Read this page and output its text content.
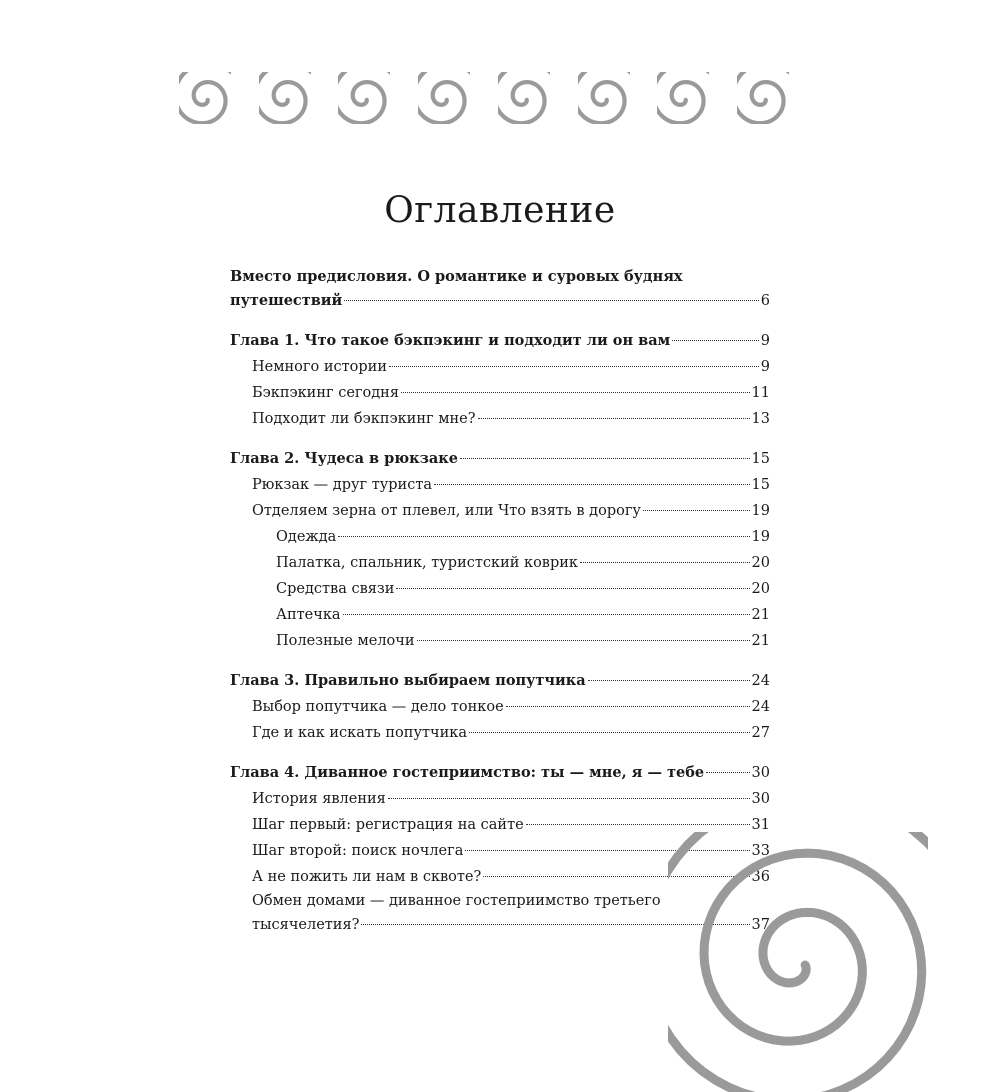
Оглавление
Вместо предисловия. О романтике и суровых буднях
путешествий	6
Глава 1. Что такое бэкпэкинг и подходит ли он вам	9
Немного истории	9
Бэкпэкинг сегодня	11
Подходит ли бэкпэкинг мне?	13
Глава 2. Чудеса в рюкзаке	15
Рюкзак — друг туриста	15
Отделяем зерна от плевел, или Что взять в дорогу	19
Одежда	19
Палатка, спальник, туристский коврик	20
Средства связи	20
Аптечка	21
Полезные мелочи	21
Глава 3. Правильно выбираем попутчика	24
Выбор попутчика — дело тонкое	24
Где и как искать попутчика	27
Глава 4. Диванное гостеприимство: ты — мне, я — тебе	30
История явления	30
Шаг первый: регистрация на сайте	31
Шаг второй: поиск ночлега	33
А не пожить ли нам в сквоте?	36
Обмен домами — диванное гостеприимство третьего
тысячелетия?	37
